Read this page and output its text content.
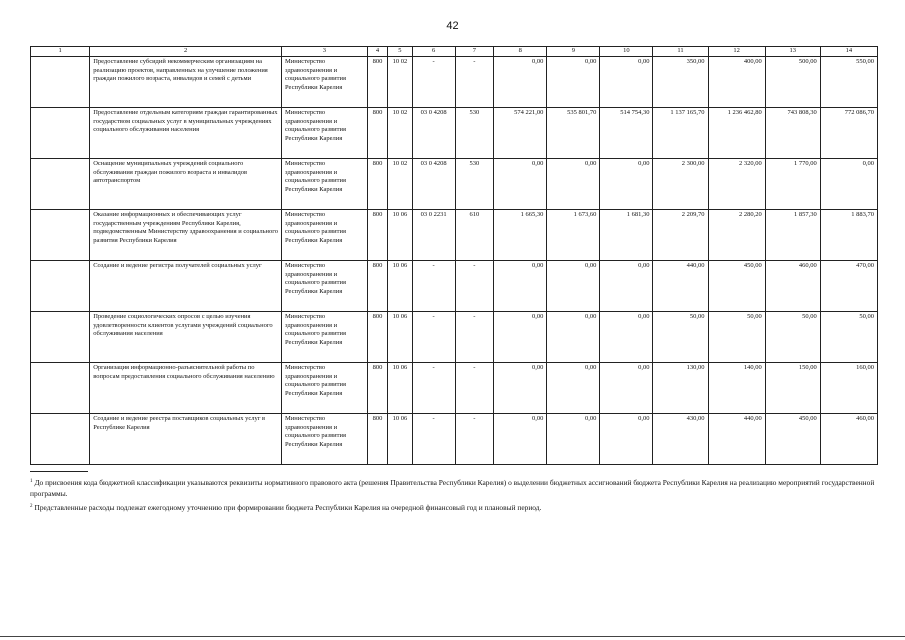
42
1	2	3	4	5	6	7	8	9	10	11	12	13	14
	Предоставление субсидий некоммерческим организациям на реализацию проектов, направленных на улучшение положения граждан пожилого возраста, инвалидов и семей с детьми	Министерство здравоохранения и социального развития Республики Карелия	800	10 02	-	-	0,00	0,00	0,00	350,00	400,00	500,00	550,00
	Предоставление отдельным категориям граждан гарантированных государством социальных услуг в муниципальных учреждениях социального обслуживания населения	Министерство здравоохранения и социального развития Республики Карелия	800	10 02	03 0 4208	530	574 221,00	535 801,70	514 754,30	1 137 165,70	1 236 462,80	743 808,30	772 086,70
	Оснащение муниципальных учреждений социального обслуживания граждан пожилого возраста и инвалидов автотранспортом	Министерство здравоохранения и социального развития Республики Карелия	800	10 02	03 0 4208	530	0,00	0,00	0,00	2 300,00	2 320,00	1 770,00	0,00
	Оказание информационных и обеспечивающих услуг государственным учреждениям Республики Карелия, подведомственным Министерству здравоохранения и социального развития Республики Карелия	Министерство здравоохранения и социального развития Республики Карелия	800	10 06	03 0 2231	610	1 665,30	1 673,60	1 681,30	2 209,70	2 280,20	1 857,30	1 883,70
	Создание и ведение регистра получателей социальных услуг	Министерство здравоохранения и социального развития Республики Карелия	800	10 06	-	-	0,00	0,00	0,00	440,00	450,00	460,00	470,00
	Проведение социологических опросов с целью изучения удовлетворенности клиентов услугами учреждений социального обслуживания населения	Министерство здравоохранения и социального развития Республики Карелия	800	10 06	-	-	0,00	0,00	0,00	50,00	50,00	50,00	50,00
	Организация информационно-разъяснительной работы по вопросам предоставления социального обслуживания населению	Министерство здравоохранения и социального развития Республики Карелия	800	10 06	-	-	0,00	0,00	0,00	130,00	140,00	150,00	160,00
	Создание и ведение реестра поставщиков социальных услуг в Республике Карелия	Министерство здравоохранения и социального развития Республики Карелия	800	10 06	-	-	0,00	0,00	0,00	430,00	440,00	450,00	460,00

$^1$ До присвоения кода бюджетной классификации указываются реквизиты нормативного правового акта (решения Правительства Республики Карелия) о выделении бюджетных ассигнований бюджета Республики Карелия на реализацию мероприятий государственной программы.

$^2$ Представленные расходы подлежат ежегодному уточнению при формировании бюджета Республики Карелия на очередной финансовый год и плановый период.
